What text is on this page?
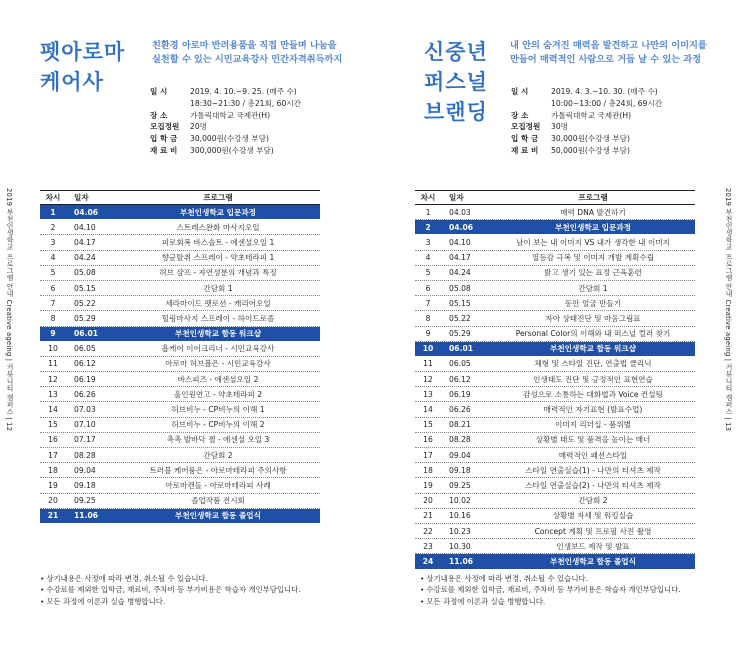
펫아로마
케어사
친환경 아로마 반려용품을 직접 만들며 나눔을
실천할 수 있는 시민교육강사 민간자격취득까지
일 시	2019. 4. 10.~9. 25. (매주 수)
18:30~21:30 / 총21회, 60시간
장 소	가톨릭대학교 국제관(H)
모집정원	20명
입 학 금	30,000원(수강생 부담)
재 료 비	300,000원(수강생 부담)
2019 부천인생학교 프로그램 안내 Creative ageing | 커뮤니티 캠퍼스 | 12	차시	일자	프로그램
1	04.06	부천인생학교 입문과정
2	04.10	스트레스완화 마사지오일
3	04.17	피로회복 바스솔트 - 에센셜오일 1
4	04.24	향균탈취 스프레이 - 약초테라피 1
5	05.08	허브 샴프 - 자연성분의 개념과 특징
6	05.15	간담회 1
7	05.22	세라마이드 펫로션 - 캐리어오일
8	05.29	힐링마사지 스프레이 - 하이드로졸
9	06.01	부천인생학교 함동 워크샵
10	06.05	흡케어 이어크리너 - 시민교육강사
11	06.12	아로마 허브볼은 - 시민교육강사
12	06.19	바스피즈 - 에센셜오일 2
13	06.26	올인원연고 - 약초테라피 2
14	07.03	허브비누 - CP비누의 이해 1
15	07.10	허브비누 - CP비누의 이해 2
16	07.17	촉촉 발바닥 젤 - 에센셜 오일 3
17	08.28	간담회 2
18	09.04	트러블 케어룸은 - 아로마테라피 주의사항
19	09.18	아로마캔들 - 아로마테라피 사례
20	09.25	졸업작품 전시회
21	11.06	부천인생학교 합동 졸업식
• 상기내용은 사정에 따라 변경, 취소될 수 있습니다.
• 수강료를 제외한 입학금, 재료비, 주차비 등 부가비용은 학습자 개인부담입니다.
• 모든 과정에 이론과 실습 병행합니다.
신중년
퍼스널
브랜딩
내 안의 숨겨진 매력을 발견하고 나만의 이미지를
만들어 매력적인 사람으로 거듭 날 수 있는 과정
일 시	2019. 4. 3.~10. 30. (매주 수)
10:00~13:00 / 총24회, 69시간
장 소	가톨릭대학교 국제관(H)
모집정원	30명
입 학 금	30,000원(수강생 부담)
재 료 비	50,000원(수강생 부담)
2019 부천인생학교 프로그램 안내 Creative ageing | 커뮤니티 캠퍼스 | 13
차시	일자	프로그램
1	04.03	매력 DNA 발견하기
2	04.06	부천인생학교 입문과정
3	04.10	남이 보는 내 이미지 VS 내가 생각한 내 이미지
4	04.17	열등감 극복 및 이미지 개발 계획수립
5	04.24	밝고 생기 있는 표정 근육훈련
6	05.08	간담회 1
7	05.15	동안 얼굴 만들기
8	05.22	자아 상태진단 및 마음그림표
9	05.29	Personal Color의 이해와 내 퍼스널 컬러 찾기
10	06.01	부천인생학교 합동 워크샵
11	06.05	체형 및 스타일 진단, 연출법 클리닉
12	06.12	인생태도 진단 및 긍정적인 표현연습
13	06.19	감성으로 소통하는 대화법과 Voice 컨설팅
14	06.26	매력적인 자기표현 (발표수업)
15	08.21	이미지 리더십 - 품위별
16	08.28	상황별 태도 및 품격을 높이는 매너
17	09.04	매력적인 패션스타일
18	09.18	스타일 연출실습(1) - 나만의 티셔츠 제작
19	09.25	스타일 연출실습(2) - 나만의 티셔츠 제작
20	10.02	간담회 2
21	10.16	상황별 자세 및 워킹실습
22	10.23	Concept 계획 및 프로필 사진 촬영
23	10.30	인생보드 제작 및 발표
24	11.06	부천인생학교 합동 졸업식
• 상기내용은 사정에 따라 변경, 취소될 수 있습니다.
• 수강료를 제외한 입학금, 재료비, 주차비 등 부가비용은 학습자 개인부담입니다.
• 모든 과정에 이론과 실습 병행합니다.
